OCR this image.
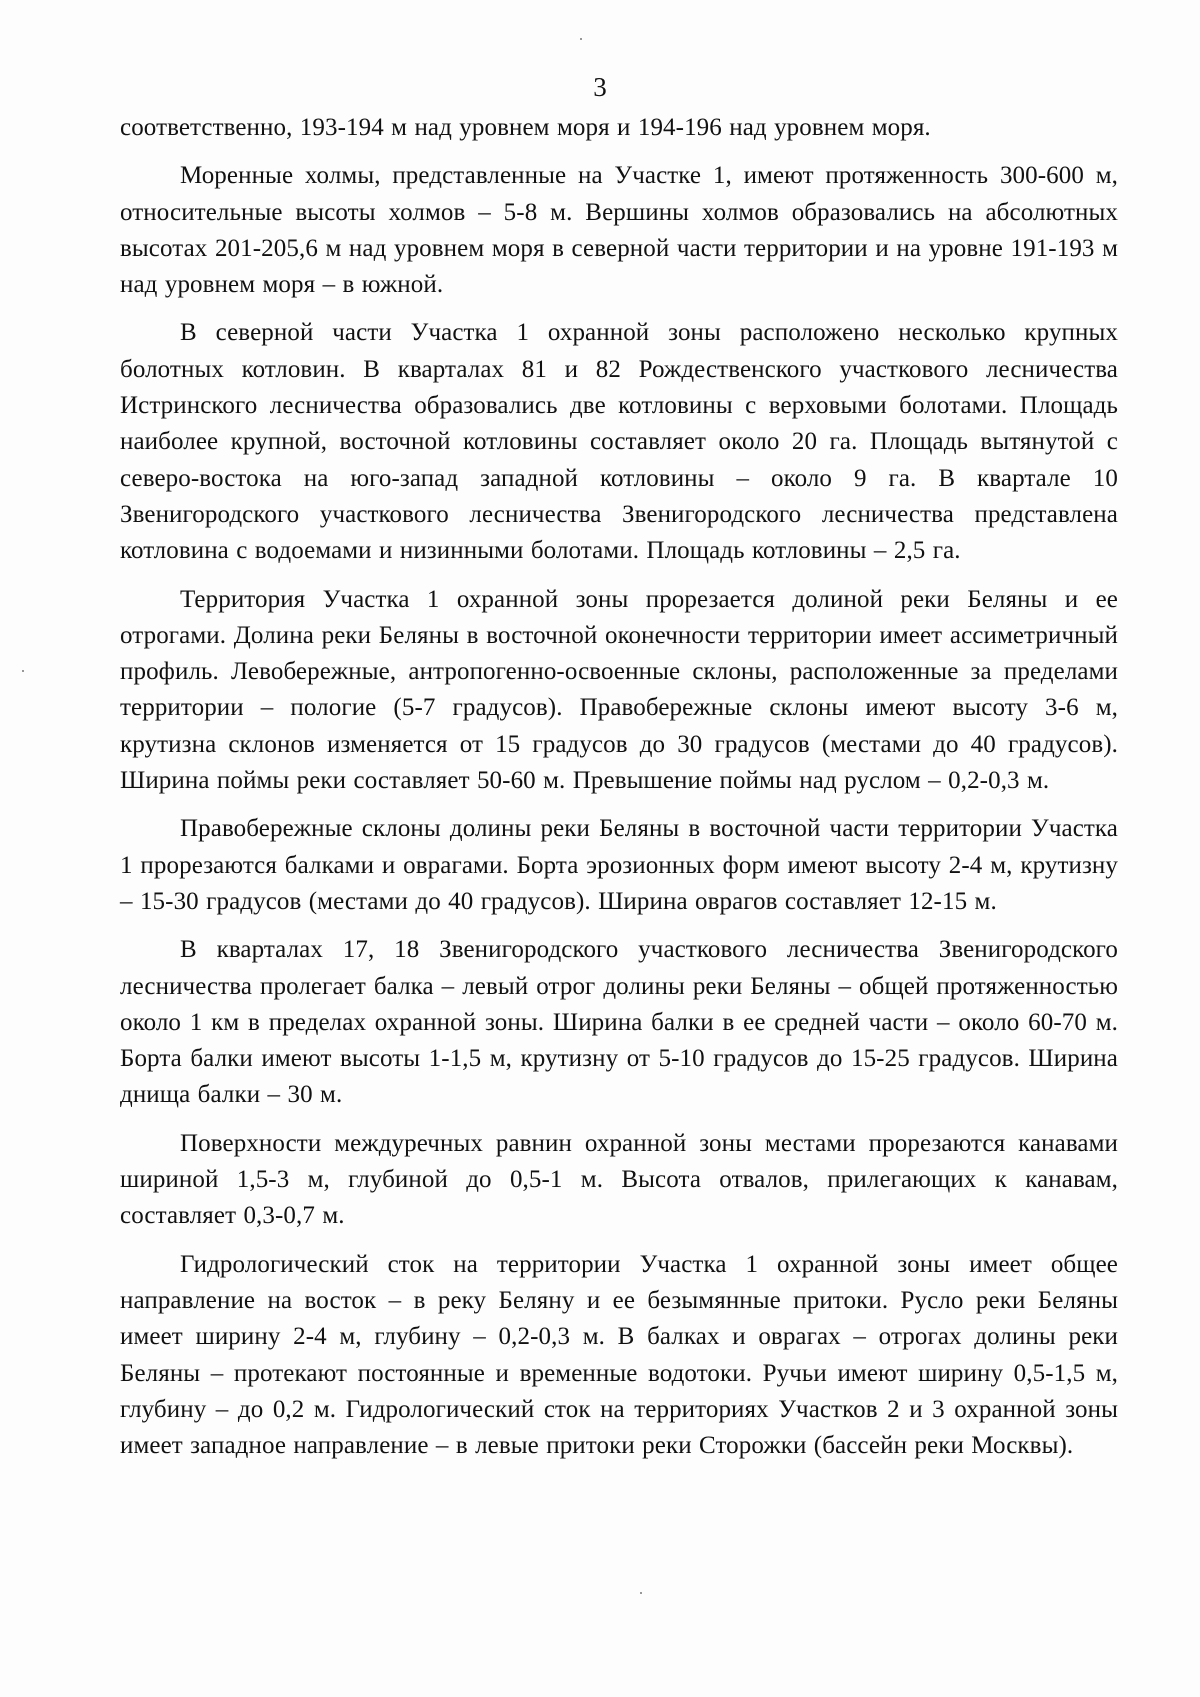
3

соответственно, 193-194 м над уровнем моря и 194-196 над уровнем моря.

Моренные холмы, представленные на Участке 1, имеют протяженность 300-600 м, относительные высоты холмов – 5-8 м. Вершины холмов образовались на абсолютных высотах 201-205,6 м над уровнем моря в северной части территории и на уровне 191-193 м над уровнем моря – в южной.

В северной части Участка 1 охранной зоны расположено несколько крупных болотных котловин. В кварталах 81 и 82 Рождественского участкового лесничества Истринского лесничества образовались две котловины с верховыми болотами. Площадь наиболее крупной, восточной котловины составляет около 20 га. Площадь вытянутой с северо-востока на юго-запад западной котловины – около 9 га. В квартале 10 Звенигородского участкового лесничества Звенигородского лесничества представлена котловина с водоемами и низинными болотами. Площадь котловины – 2,5 га.

Территория Участка 1 охранной зоны прорезается долиной реки Беляны и ее отрогами. Долина реки Беляны в восточной оконечности территории имеет ассиметричный профиль. Левобережные, антропогенно-освоенные склоны, расположенные за пределами территории – пологие (5-7 градусов). Правобережные склоны имеют высоту 3-6 м, крутизна склонов изменяется от 15 градусов до 30 градусов (местами до 40 градусов). Ширина поймы реки составляет 50-60 м. Превышение поймы над руслом – 0,2-0,3 м.

Правобережные склоны долины реки Беляны в восточной части территории Участка 1 прорезаются балками и оврагами. Борта эрозионных форм имеют высоту 2-4 м, крутизну – 15-30 градусов (местами до 40 градусов). Ширина оврагов составляет 12-15 м.

В кварталах 17, 18 Звенигородского участкового лесничества Звенигородского лесничества пролегает балка – левый отрог долины реки Беляны – общей протяженностью около 1 км в пределах охранной зоны. Ширина балки в ее средней части – около 60-70 м. Борта балки имеют высоты 1-1,5 м, крутизну от 5-10 градусов до 15-25 градусов. Ширина днища балки – 30 м.

Поверхности междуречных равнин охранной зоны местами прорезаются канавами шириной 1,5-3 м, глубиной до 0,5-1 м. Высота отвалов, прилегающих к канавам, составляет 0,3-0,7 м.

Гидрологический сток на территории Участка 1 охранной зоны имеет общее направление на восток – в реку Беляну и ее безымянные притоки. Русло реки Беляны имеет ширину 2-4 м, глубину – 0,2-0,3 м. В балках и оврагах – отрогах долины реки Беляны – протекают постоянные и временные водотоки. Ручьи имеют ширину 0,5-1,5 м, глубину – до 0,2 м. Гидрологический сток на территориях Участков 2 и 3 охранной зоны имеет западное направление – в левые притоки реки Сторожки (бассейн реки Москвы).
